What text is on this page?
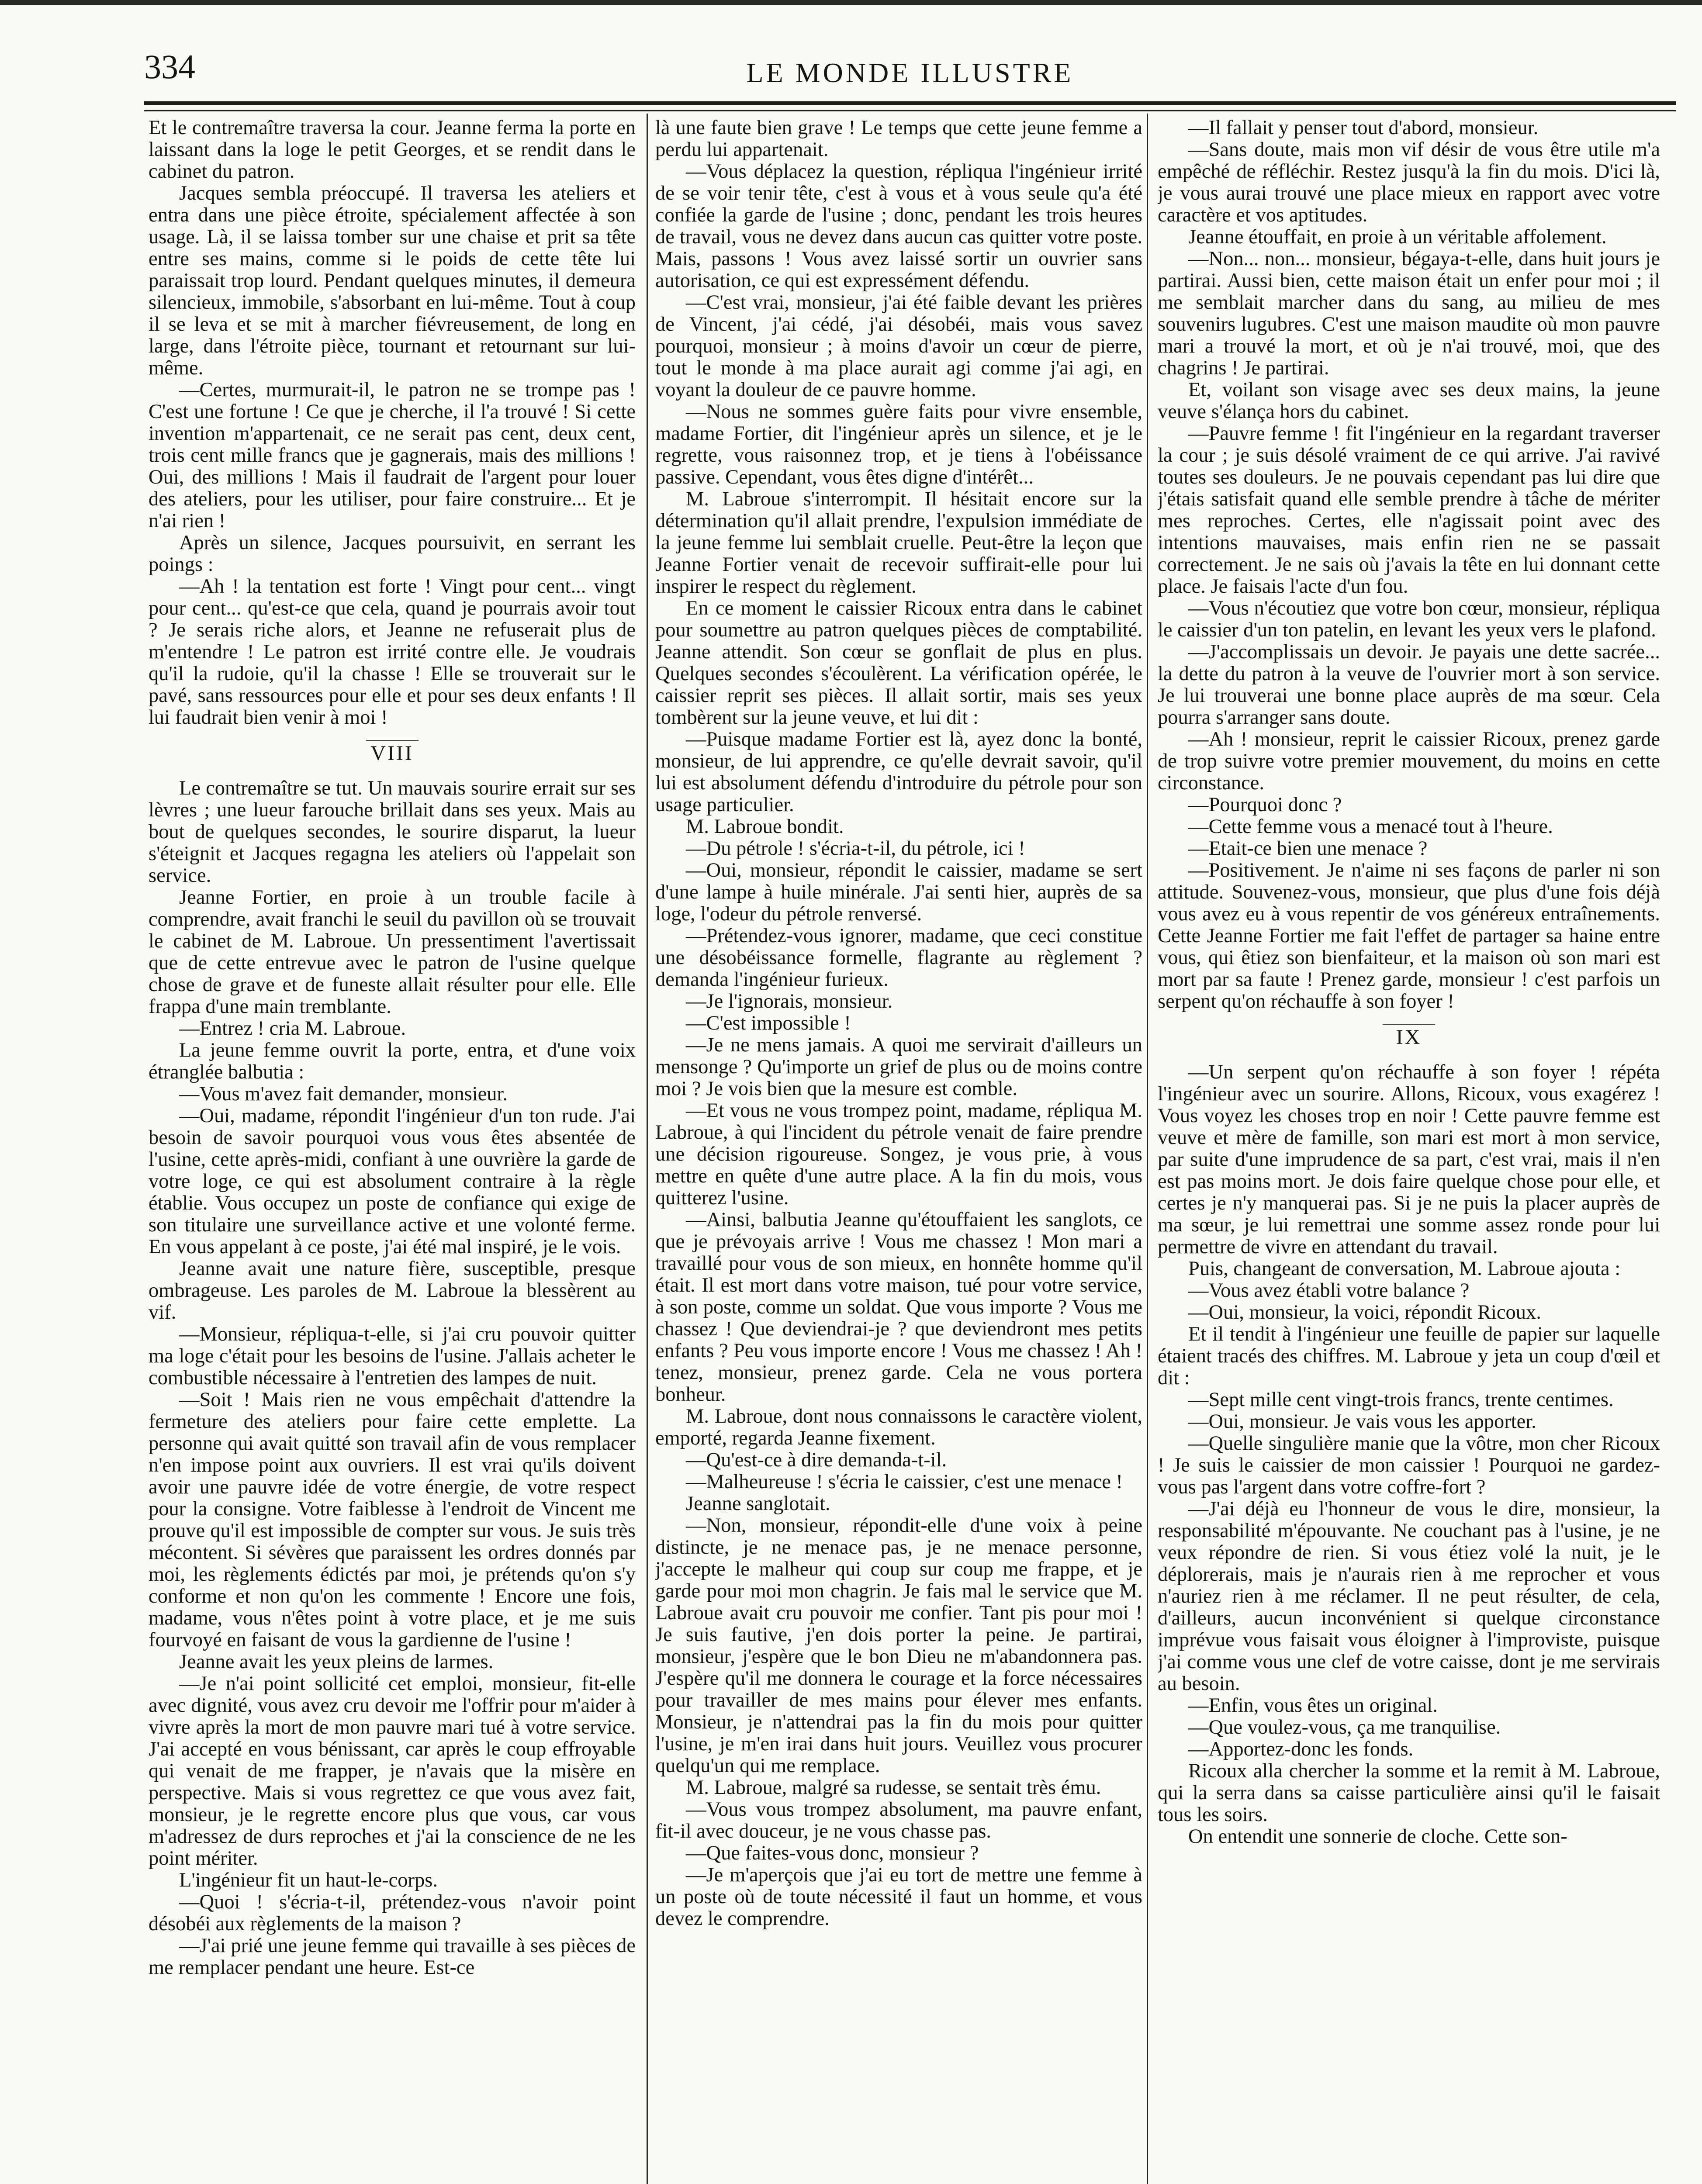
334	LE MONDE ILLUSTRE

Et le contremaître traversa la cour. Jeanne ferma la porte en laissant dans la loge le petit Georges, et se rendit dans le cabinet du patron.

Jacques sembla préoccupé. Il traversa les ateliers et entra dans une pièce étroite, spécialement affectée à son usage. Là, il se laissa tomber sur une chaise et prit sa tête entre ses mains, comme si le poids de cette tête lui paraissait trop lourd. Pendant quelques minutes, il demeura silencieux, immobile, s'absorbant en lui-même. Tout à coup il se leva et se mit à marcher fiévreusement, de long en large, dans l'étroite pièce, tournant et retournant sur lui-même.

—Certes, murmurait-il, le patron ne se trompe pas ! C'est une fortune ! Ce que je cherche, il l'a trouvé ! Si cette invention m'appartenait, ce ne serait pas cent, deux cent, trois cent mille francs que je gagnerais, mais des millions ! Oui, des millions ! Mais il faudrait de l'argent pour louer des ateliers, pour les utiliser, pour faire construire... Et je n'ai rien !

Après un silence, Jacques poursuivit, en serrant les poings :

—Ah ! la tentation est forte ! Vingt pour cent... vingt pour cent... qu'est-ce que cela, quand je pourrais avoir tout ? Je serais riche alors, et Jeanne ne refuserait plus de m'entendre ! Le patron est irrité contre elle. Je voudrais qu'il la rudoie, qu'il la chasse ! Elle se trouverait sur le pavé, sans ressources pour elle et pour ses deux enfants ! Il lui faudrait bien venir à moi !

VIII

Le contremaître se tut. Un mauvais sourire errait sur ses lèvres ; une lueur farouche brillait dans ses yeux. Mais au bout de quelques secondes, le sourire disparut, la lueur s'éteignit et Jacques regagna les ateliers où l'appelait son service.

Jeanne Fortier, en proie à un trouble facile à comprendre, avait franchi le seuil du pavillon où se trouvait le cabinet de M. Labroue. Un pressentiment l'avertissait que de cette entrevue avec le patron de l'usine quelque chose de grave et de funeste allait résulter pour elle. Elle frappa d'une main tremblante.

—Entrez ! cria M. Labroue.

La jeune femme ouvrit la porte, entra, et d'une voix étranglée balbutia :

—Vous m'avez fait demander, monsieur.

—Oui, madame, répondit l'ingénieur d'un ton rude. J'ai besoin de savoir pourquoi vous vous êtes absentée de l'usine, cette après-midi, confiant à une ouvrière la garde de votre loge, ce qui est absolument contraire à la règle établie. Vous occupez un poste de confiance qui exige de son titulaire une surveillance active et une volonté ferme. En vous appelant à ce poste, j'ai été mal inspiré, je le vois.

Jeanne avait une nature fière, susceptible, presque ombrageuse. Les paroles de M. Labroue la blessèrent au vif.

—Monsieur, répliqua-t-elle, si j'ai cru pouvoir quitter ma loge c'était pour les besoins de l'usine. J'allais acheter le combustible nécessaire à l'entretien des lampes de nuit.

—Soit ! Mais rien ne vous empêchait d'attendre la fermeture des ateliers pour faire cette emplette. La personne qui avait quitté son travail afin de vous remplacer n'en impose point aux ouvriers. Il est vrai qu'ils doivent avoir une pauvre idée de votre énergie, de votre respect pour la consigne. Votre faiblesse à l'endroit de Vincent me prouve qu'il est impossible de compter sur vous. Je suis très mécontent. Si sévères que paraissent les ordres donnés par moi, les règlements édictés par moi, je prétends qu'on s'y conforme et non qu'on les commente ! Encore une fois, madame, vous n'êtes point à votre place, et je me suis fourvoyé en faisant de vous la gardienne de l'usine !

Jeanne avait les yeux pleins de larmes.

—Je n'ai point sollicité cet emploi, monsieur, fit-elle avec dignité, vous avez cru devoir me l'offrir pour m'aider à vivre après la mort de mon pauvre mari tué à votre service. J'ai accepté en vous bénissant, car après le coup effroyable qui venait de me frapper, je n'avais que la misère en perspective. Mais si vous regrettez ce que vous avez fait, monsieur, je le regrette encore plus que vous, car vous m'adressez de durs reproches et j'ai la conscience de ne les point mériter.

L'ingénieur fit un haut-le-corps.

—Quoi ! s'écria-t-il, prétendez-vous n'avoir point désobéi aux règlements de la maison ?

—J'ai prié une jeune femme qui travaille à ses pièces de me remplacer pendant une heure. Est-ce

là une faute bien grave ! Le temps que cette jeune femme a perdu lui appartenait.

—Vous déplacez la question, répliqua l'ingénieur irrité de se voir tenir tête, c'est à vous et à vous seule qu'a été confiée la garde de l'usine ; donc, pendant les trois heures de travail, vous ne devez dans aucun cas quitter votre poste. Mais, passons ! Vous avez laissé sortir un ouvrier sans autorisation, ce qui est expressément défendu.

—C'est vrai, monsieur, j'ai été faible devant les prières de Vincent, j'ai cédé, j'ai désobéi, mais vous savez pourquoi, monsieur ; à moins d'avoir un cœur de pierre, tout le monde à ma place aurait agi comme j'ai agi, en voyant la douleur de ce pauvre homme.

—Nous ne sommes guère faits pour vivre ensemble, madame Fortier, dit l'ingénieur après un silence, et je le regrette, vous raisonnez trop, et je tiens à l'obéissance passive. Cependant, vous êtes digne d'intérêt...

M. Labroue s'interrompit. Il hésitait encore sur la détermination qu'il allait prendre, l'expulsion immédiate de la jeune femme lui semblait cruelle. Peut-être la leçon que Jeanne Fortier venait de recevoir suffirait-elle pour lui inspirer le respect du règlement.

En ce moment le caissier Ricoux entra dans le cabinet pour soumettre au patron quelques pièces de comptabilité. Jeanne attendit. Son cœur se gonflait de plus en plus. Quelques secondes s'écoulèrent. La vérification opérée, le caissier reprit ses pièces. Il allait sortir, mais ses yeux tombèrent sur la jeune veuve, et lui dit :

—Puisque madame Fortier est là, ayez donc la bonté, monsieur, de lui apprendre, ce qu'elle devrait savoir, qu'il lui est absolument défendu d'introduire du pétrole pour son usage particulier.

M. Labroue bondit.

—Du pétrole ! s'écria-t-il, du pétrole, ici !

—Oui, monsieur, répondit le caissier, madame se sert d'une lampe à huile minérale. J'ai senti hier, auprès de sa loge, l'odeur du pétrole renversé.

—Prétendez-vous ignorer, madame, que ceci constitue une désobéissance formelle, flagrante au règlement ? demanda l'ingénieur furieux.

—Je l'ignorais, monsieur.

—C'est impossible !

—Je ne mens jamais. A quoi me servirait d'ailleurs un mensonge ? Qu'importe un grief de plus ou de moins contre moi ? Je vois bien que la mesure est comble.

—Et vous ne vous trompez point, madame, répliqua M. Labroue, à qui l'incident du pétrole venait de faire prendre une décision rigoureuse. Songez, je vous prie, à vous mettre en quête d'une autre place. A la fin du mois, vous quitterez l'usine.

—Ainsi, balbutia Jeanne qu'étouffaient les sanglots, ce que je prévoyais arrive ! Vous me chassez ! Mon mari a travaillé pour vous de son mieux, en honnête homme qu'il était. Il est mort dans votre maison, tué pour votre service, à son poste, comme un soldat. Que vous importe ? Vous me chassez ! Que deviendrai-je ? que deviendront mes petits enfants ? Peu vous importe encore ! Vous me chassez ! Ah ! tenez, monsieur, prenez garde. Cela ne vous portera bonheur.

M. Labroue, dont nous connaissons le caractère violent, emporté, regarda Jeanne fixement.

—Qu'est-ce à dire demanda-t-il.

—Malheureuse ! s'écria le caissier, c'est une menace !

Jeanne sanglotait.

—Non, monsieur, répondit-elle d'une voix à peine distincte, je ne menace pas, je ne menace personne, j'accepte le malheur qui coup sur coup me frappe, et je garde pour moi mon chagrin. Je fais mal le service que M. Labroue avait cru pouvoir me confier. Tant pis pour moi ! Je suis fautive, j'en dois porter la peine. Je partirai, monsieur, j'espère que le bon Dieu ne m'abandonnera pas. J'espère qu'il me donnera le courage et la force nécessaires pour travailler de mes mains pour élever mes enfants. Monsieur, je n'attendrai pas la fin du mois pour quitter l'usine, je m'en irai dans huit jours. Veuillez vous procurer quelqu'un qui me remplace.

M. Labroue, malgré sa rudesse, se sentait très ému.

—Vous vous trompez absolument, ma pauvre enfant, fit-il avec douceur, je ne vous chasse pas.

—Que faites-vous donc, monsieur ?

—Je m'aperçois que j'ai eu tort de mettre une femme à un poste où de toute nécessité il faut un homme, et vous devez le comprendre.

—Il fallait y penser tout d'abord, monsieur.

—Sans doute, mais mon vif désir de vous être utile m'a empêché de réfléchir. Restez jusqu'à la fin du mois. D'ici là, je vous aurai trouvé une place mieux en rapport avec votre caractère et vos aptitudes.

Jeanne étouffait, en proie à un véritable affolement.

—Non... non... monsieur, bégaya-t-elle, dans huit jours je partirai. Aussi bien, cette maison était un enfer pour moi ; il me semblait marcher dans du sang, au milieu de mes souvenirs lugubres. C'est une maison maudite où mon pauvre mari a trouvé la mort, et où je n'ai trouvé, moi, que des chagrins ! Je partirai.

Et, voilant son visage avec ses deux mains, la jeune veuve s'élança hors du cabinet.

—Pauvre femme ! fit l'ingénieur en la regardant traverser la cour ; je suis désolé vraiment de ce qui arrive. J'ai ravivé toutes ses douleurs. Je ne pouvais cependant pas lui dire que j'étais satisfait quand elle semble prendre à tâche de mériter mes reproches. Certes, elle n'agissait point avec des intentions mauvaises, mais enfin rien ne se passait correctement. Je ne sais où j'avais la tête en lui donnant cette place. Je faisais l'acte d'un fou.

—Vous n'écoutiez que votre bon cœur, monsieur, répliqua le caissier d'un ton patelin, en levant les yeux vers le plafond.

—J'accomplissais un devoir. Je payais une dette sacrée... la dette du patron à la veuve de l'ouvrier mort à son service. Je lui trouverai une bonne place auprès de ma sœur. Cela pourra s'arranger sans doute.

—Ah ! monsieur, reprit le caissier Ricoux, prenez garde de trop suivre votre premier mouvement, du moins en cette circonstance.

—Pourquoi donc ?

—Cette femme vous a menacé tout à l'heure.

—Etait-ce bien une menace ?

—Positivement. Je n'aime ni ses façons de parler ni son attitude. Souvenez-vous, monsieur, que plus d'une fois déjà vous avez eu à vous repentir de vos généreux entraînements. Cette Jeanne Fortier me fait l'effet de partager sa haine entre vous, qui êtiez son bienfaiteur, et la maison où son mari est mort par sa faute ! Prenez garde, monsieur ! c'est parfois un serpent qu'on réchauffe à son foyer !

IX

—Un serpent qu'on réchauffe à son foyer ! répéta l'ingénieur avec un sourire. Allons, Ricoux, vous exagérez ! Vous voyez les choses trop en noir ! Cette pauvre femme est veuve et mère de famille, son mari est mort à mon service, par suite d'une imprudence de sa part, c'est vrai, mais il n'en est pas moins mort. Je dois faire quelque chose pour elle, et certes je n'y manquerai pas. Si je ne puis la placer auprès de ma sœur, je lui remettrai une somme assez ronde pour lui permettre de vivre en attendant du travail.

Puis, changeant de conversation, M. Labroue ajouta :

—Vous avez établi votre balance ?

—Oui, monsieur, la voici, répondit Ricoux.

Et il tendit à l'ingénieur une feuille de papier sur laquelle étaient tracés des chiffres. M. Labroue y jeta un coup d'œil et dit :

—Sept mille cent vingt-trois francs, trente centimes.

—Oui, monsieur. Je vais vous les apporter.

—Quelle singulière manie que la vôtre, mon cher Ricoux ! Je suis le caissier de mon caissier ! Pourquoi ne gardez-vous pas l'argent dans votre coffre-fort ?

—J'ai déjà eu l'honneur de vous le dire, monsieur, la responsabilité m'épouvante. Ne couchant pas à l'usine, je ne veux répondre de rien. Si vous étiez volé la nuit, je le déplorerais, mais je n'aurais rien à me reprocher et vous n'auriez rien à me réclamer. Il ne peut résulter, de cela, d'ailleurs, aucun inconvénient si quelque circonstance imprévue vous faisait vous éloigner à l'improviste, puisque j'ai comme vous une clef de votre caisse, dont je me servirais au besoin.

—Enfin, vous êtes un original.

—Que voulez-vous, ça me tranquilise.

—Apportez-donc les fonds.

Ricoux alla chercher la somme et la remit à M. Labroue, qui la serra dans sa caisse particulière ainsi qu'il le faisait tous les soirs.

On entendit une sonnerie de cloche. Cette son-
